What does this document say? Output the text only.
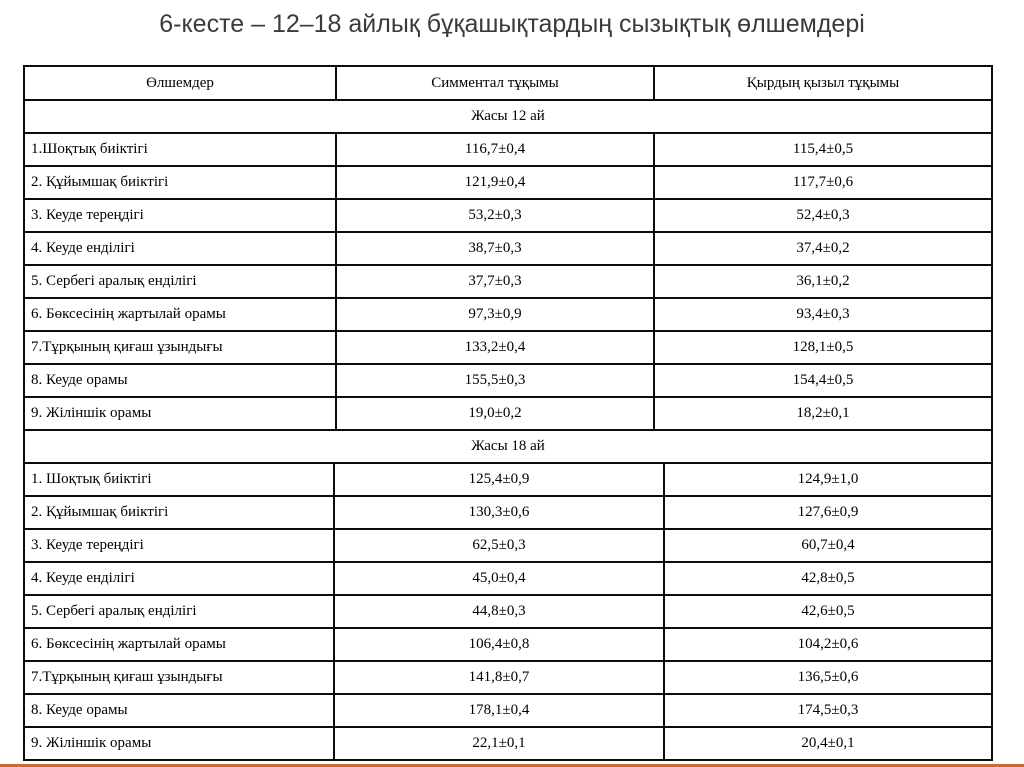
6-кесте – 12–18 айлық бұқашықтардың сызықтық өлшемдері
Өлшемдер	Симментал тұқымы	Қырдың қызыл тұқымы
Жасы 12 ай		
1.Шоқтық биіктігі	116,7±0,4	115,4±0,5
2. Құйымшақ биіктігі	121,9±0,4	117,7±0,6
3. Кеуде тереңдігі	53,2±0,3	52,4±0,3
4. Кеуде енділігі	38,7±0,3	37,4±0,2
5. Сербегі аралық енділігі	37,7±0,3	36,1±0,2
6. Бөксесінің жартылай орамы	97,3±0,9	93,4±0,3
7.Тұрқының қиғаш ұзындығы	133,2±0,4	128,1±0,5
8. Кеуде орамы	155,5±0,3	154,4±0,5
9. Жіліншік орамы	19,0±0,2	18,2±0,1
Жасы 18 ай		
1. Шоқтық биіктігі	125,4±0,9	124,9±1,0
2. Құйымшақ биіктігі	130,3±0,6	127,6±0,9
3. Кеуде тереңдігі	62,5±0,3	60,7±0,4
4. Кеуде енділігі	45,0±0,4	42,8±0,5
5. Сербегі аралық енділігі	44,8±0,3	42,6±0,5
6. Бөксесінің жартылай орамы	106,4±0,8	104,2±0,6
7.Тұрқының қиғаш ұзындығы	141,8±0,7	136,5±0,6
8. Кеуде орамы	178,1±0,4	174,5±0,3
9. Жіліншік орамы	22,1±0,1	20,4±0,1
